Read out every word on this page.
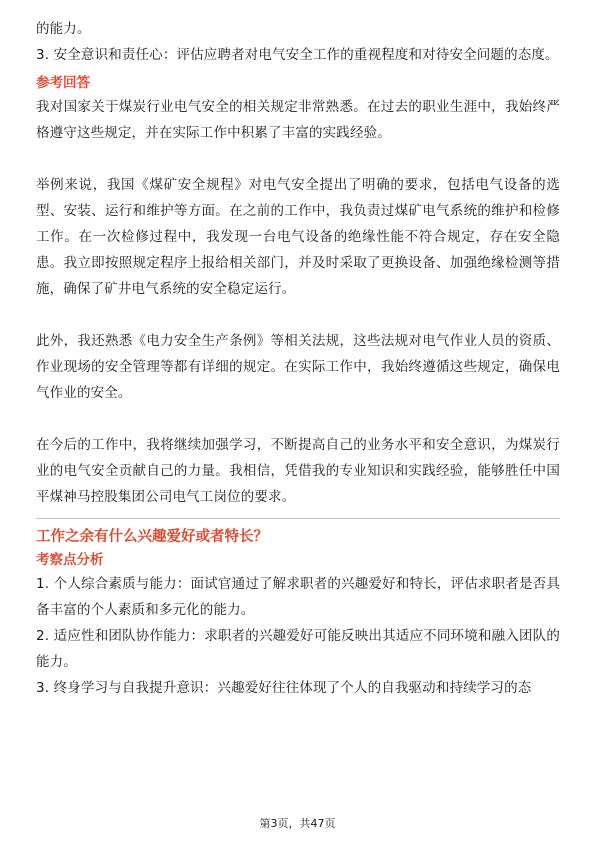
的能力。

3. 安全意识和责任心：评估应聘者对电气安全工作的重视程度和对待安全问题的态度。

参考回答

我对国家关于煤炭行业电气安全的相关规定非常熟悉。在过去的职业生涯中，我始终严格遵守这些规定，并在实际工作中积累了丰富的实践经验。

举例来说，我国《煤矿安全规程》对电气安全提出了明确的要求，包括电气设备的选型、安装、运行和维护等方面。在之前的工作中，我负责过煤矿电气系统的维护和检修工作。在一次检修过程中，我发现一台电气设备的绝缘性能不符合规定，存在安全隐患。我立即按照规定程序上报给相关部门，并及时采取了更换设备、加强绝缘检测等措施，确保了矿井电气系统的安全稳定运行。

此外，我还熟悉《电力安全生产条例》等相关法规，这些法规对电气作业人员的资质、作业现场的安全管理等都有详细的规定。在实际工作中，我始终遵循这些规定，确保电气作业的安全。

在今后的工作中，我将继续加强学习，不断提高自己的业务水平和安全意识，为煤炭行业的电气安全贡献自己的力量。我相信，凭借我的专业知识和实践经验，能够胜任中国平煤神马控股集团公司电气工岗位的要求。

工作之余有什么兴趣爱好或者特长？
考察点分析

1. 个人综合素质与能力：面试官通过了解求职者的兴趣爱好和特长，评估求职者是否具备丰富的个人素质和多元化的能力。

2. 适应性和团队协作能力：求职者的兴趣爱好可能反映出其适应不同环境和融入团队的能力。

3. 终身学习与自我提升意识：兴趣爱好往往体现了个人的自我驱动和持续学习的态

第3页，共47页
